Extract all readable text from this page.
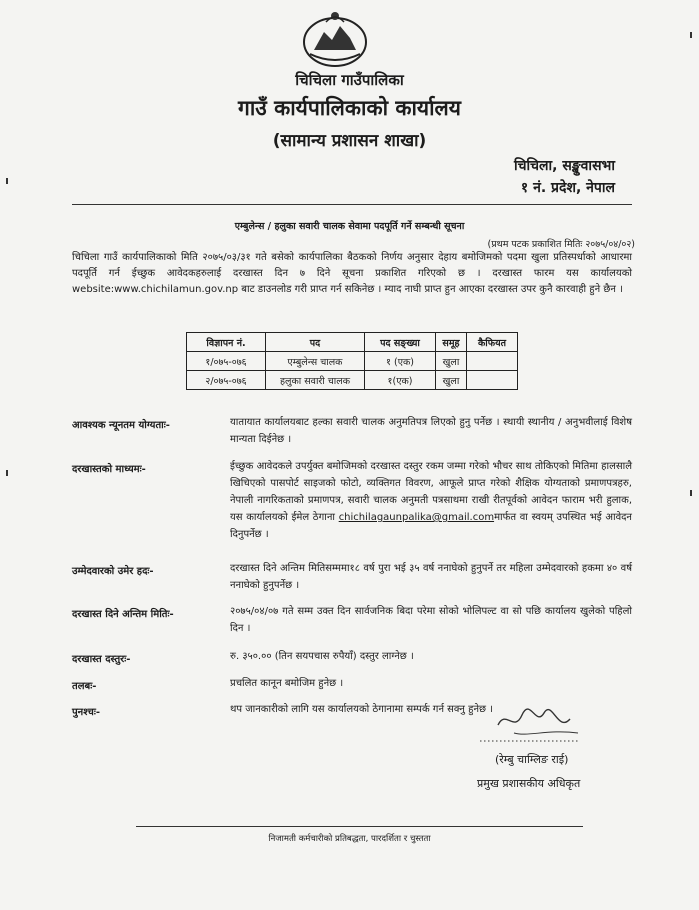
चिचिला गाउँपालिका
गाउँ कार्यपालिकाको कार्यालय
(सामान्य प्रशासन शाखा)
चिचिला, सङ्खुवासभा
१ नं. प्रदेश, नेपाल
एम्बुलेन्स / हलुका सवारी चालक सेवामा पदपूर्ति गर्ने सम्बन्धी सूचना
(प्रथम पटक प्रकाशित मितिः २०७५/०४/०२)
चिचिला गाउँ कार्यपालिकाको मिति २०७५/०३/३१ गते बसेको कार्यपालिका बैठकको निर्णय अनुसार देहाय बमोजिमको पदमा खुला प्रतिस्पर्धाको आधारमा पदपूर्ति गर्न ईच्छुक आवेदकहरुलाई दरखास्त दिन ७ दिने सूचना प्रकाशित गरिएको छ । दरखास्त फारम यस कार्यालयको website:www.chichilamun.gov.np बाट डाउनलोड गरी प्राप्त गर्न सकिनेछ । म्याद नाघी प्राप्त हुन आएका दरखास्त उपर कुनै कारवाही हुने छैन ।
विज्ञापन नं.	पद	पद सङ्ख्या	समूह	कैफियत
१/०७५-०७६	एम्बुलेन्स चालक	१ (एक)	खुला	
२/०७५-०७६	हलुका सवारी चालक	१(एक)	खुला	
आवश्यक न्यूनतम योग्यताः-	यातायात कार्यालयबाट हल्का सवारी चालक अनुमतिपत्र लिएको हुनु पर्नेछ । स्थायी स्थानीय / अनुभवीलाई विशेष मान्यता दिईनेछ ।
दरखास्तको माध्यमः-	ईच्छुक आवेदकले उपर्युक्त बमोजिमको दरखास्त दस्तुर रकम जम्मा गरेको भौचर साथ तोकिएको मितिमा हालसालै खिचिएको पासपोर्ट साइजको फोटो, व्यक्तिगत विवरण, आफूले प्राप्त गरेको शैक्षिक योग्यताको प्रमाणपत्रहरु, नेपाली नागरिकताको प्रमाणपत्र, सवारी चालक अनुमती पत्रसाथमा राखी रीतपूर्वको आवेदन फाराम भरी हुलाक, यस कार्यालयको ईमेल ठेगाना chichilagaunpalika@gmail.comमार्फत वा स्वयम् उपस्थित भई आवेदन दिनुपर्नेछ ।
उम्मेदवारको उमेर हदः-	दरखास्त दिने अन्तिम मितिसम्ममा१८ वर्ष पुरा भई ३५ वर्ष ननाघेको हुनुपर्ने तर महिला उम्मेदवारको हकमा ४० वर्ष ननाघेको हुनुपर्नेछ ।
दरखास्त दिने अन्तिम मितिः-	२०७५/०४/०७ गते सम्म उक्त दिन सार्वजनिक बिदा परेमा सोको भोलिपल्ट वा सो पछि कार्यालय खुलेको पहिलो दिन ।
दरखास्त दस्तुरः-	रु. ३५०.०० (तिन सयपचास रुपैयाँ) दस्तुर लाग्नेछ ।
तलबः-	प्रचलित कानून बमोजिम हुनेछ ।
पुनश्चः-	थप जानकारीको लागि यस कार्यालयको ठेगानामा सम्पर्क गर्न सक्नु हुनेछ ।
(रेम्बु चाम्लिङ राई)
प्रमुख प्रशासकीय अधिकृत
निजामती कर्मचारीको प्रतिबद्धता, पारदर्शिता र चुस्तता
